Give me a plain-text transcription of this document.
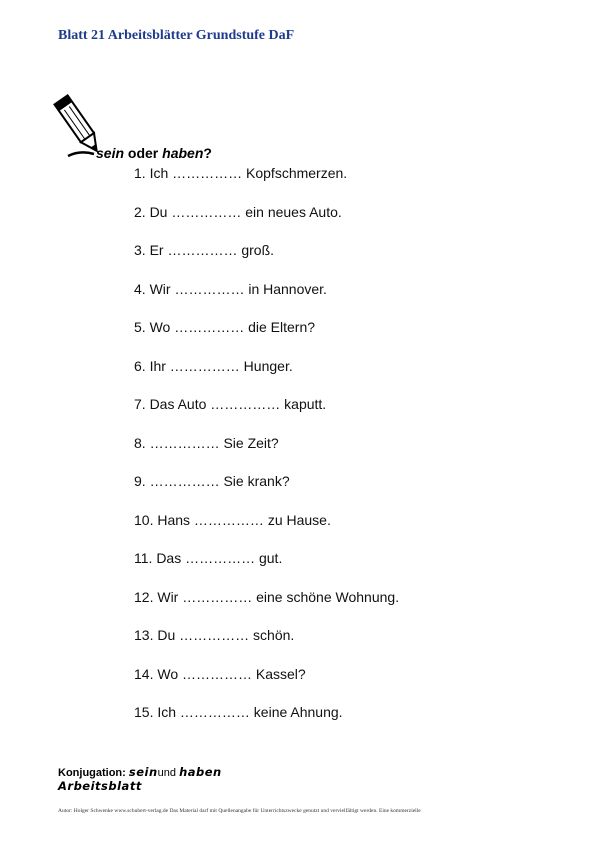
Blatt 21 Arbeitsblätter Grundstufe DaF
sein oder haben?
1. Ich …………… Kopfschmerzen.
2. Du …………… ein neues Auto.
3. Er …………… groß.
4. Wir …………… in Hannover.
5. Wo …………… die Eltern?
6. Ihr …………… Hunger.
7. Das Auto …………… kaputt.
8. …………… Sie Zeit?
9. …………… Sie krank?
10. Hans …………… zu Hause.
11. Das …………… gut.
12. Wir …………… eine schöne Wohnung.
13. Du …………… schön.
14. Wo …………… Kassel?
15. Ich …………… keine Ahnung.
Konjugation: seinund haben
Arbeitsblatt
Autor: Holger Schwenke www.schubert-verlag.de Das Material darf mit Quellenangabe für Unterrichtszwecke genutzt und vervielfältigt werden. Eine kommerzielle
